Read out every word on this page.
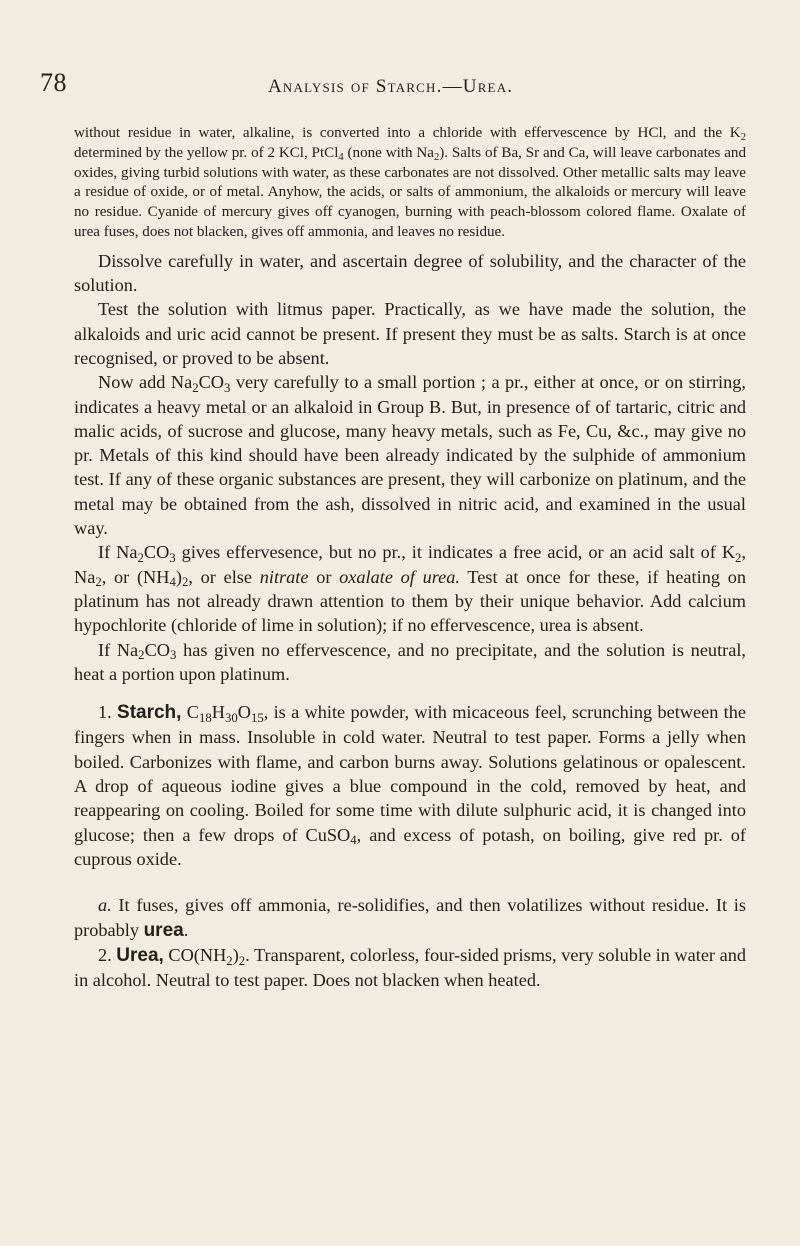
78	Analysis of Starch.—Urea.

without residue in water, alkaline, is converted into a chloride with effervescence by HCl, and the $K_2$ determined by the yellow pr. of 2 KCl, PtCl$_4$ (none with $Na_2$). Salts of Ba, Sr and Ca, will leave carbonates and oxides, giving turbid solutions with water, as these carbonates are not dissolved. Other metallic salts may leave a residue of oxide, or of metal. Anyhow, the acids, or salts of ammonium, the alkaloids or mercury will leave no residue. Cyanide of mercury gives off cyanogen, burning with peach-blossom colored flame. Oxalate of urea fuses, does not blacken, gives off ammonia, and leaves no residue.

Dissolve carefully in water, and ascertain degree of solubility, and the character of the solution.

Test the solution with litmus paper. Practically, as we have made the solution, the alkaloids and uric acid cannot be present. If present they must be as salts. Starch is at once recognised, or proved to be absent.

Now add $Na_2CO_3$ very carefully to a small portion ; a pr., either at once, or on stirring, indicates a heavy metal or an alkaloid in Group B. But, in presence of of tartaric, citric and malic acids, of sucrose and glucose, many heavy metals, such as Fe, Cu, &c., may give no pr. Metals of this kind should have been already indicated by the sulphide of ammonium test. If any of these organic substances are present, they will carbonize on platinum, and the metal may be obtained from the ash, dissolved in nitric acid, and examined in the usual way.

If $Na_2CO_3$ gives effervesence, but no pr., it indicates a free acid, or an acid salt of $K_2$, $Na_2$, or $(NH_4)_2$, or else nitrate or oxalate of urea. Test at once for these, if heating on platinum has not already drawn attention to them by their unique behavior. Add calcium hypochlorite (chloride of lime in solution); if no effervescence, urea is absent.

If $Na_2CO_3$ has given no effervescence, and no precipitate, and the solution is neutral, heat a portion upon platinum.

1. Starch, $C_{18}H_{30}O_{15}$, is a white powder, with micaceous feel, scrunching between the fingers when in mass. Insoluble in cold water. Neutral to test paper. Forms a jelly when boiled. Carbonizes with flame, and carbon burns away. Solutions gelatinous or opalescent. A drop of aqueous iodine gives a blue compound in the cold, removed by heat, and reappearing on cooling. Boiled for some time with dilute sulphuric acid, it is changed into glucose; then a few drops of CuSO$_4$, and excess of potash, on boiling, give red pr. of cuprous oxide.

a. It fuses, gives off ammonia, re-solidifies, and then volatilizes without residue. It is probably urea.

2. Urea, $CO(NH_2)_2$. Transparent, colorless, four-sided prisms, very soluble in water and in alcohol. Neutral to test paper. Does not blacken when heated.
